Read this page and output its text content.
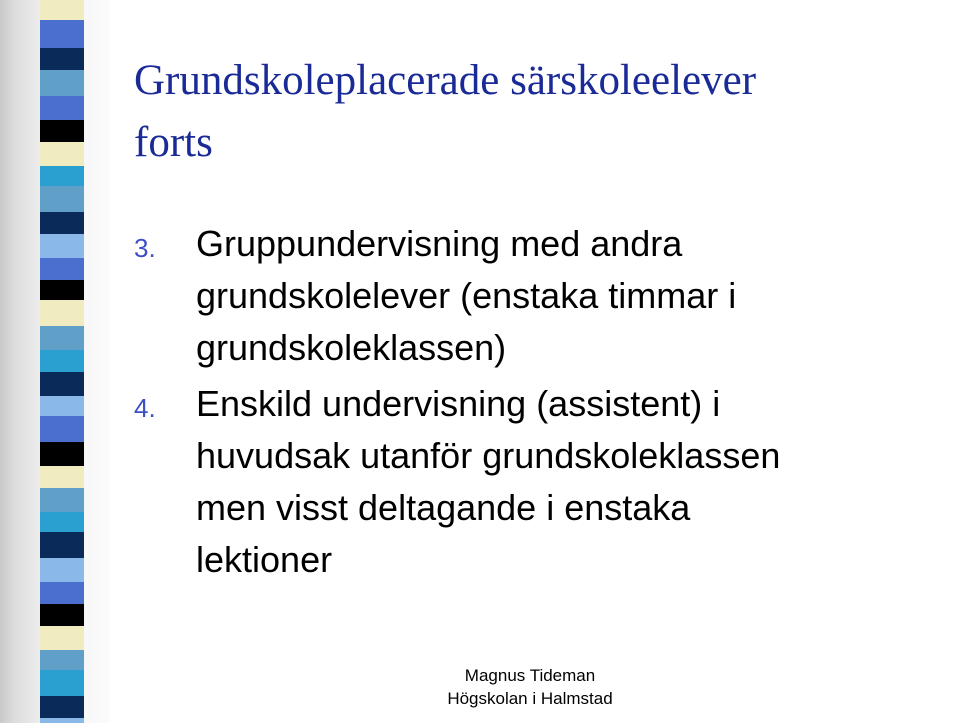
Grundskoleplacerade särskoleelever
forts
3. Gruppundervisning med andra
grundskolelever (enstaka timmar i
grundskoleklassen)
4. Enskild undervisning (assistent) i
huvudsak utanför grundskoleklassen
men visst deltagande i enstaka
lektioner
Magnus Tideman
Högskolan i Halmstad
